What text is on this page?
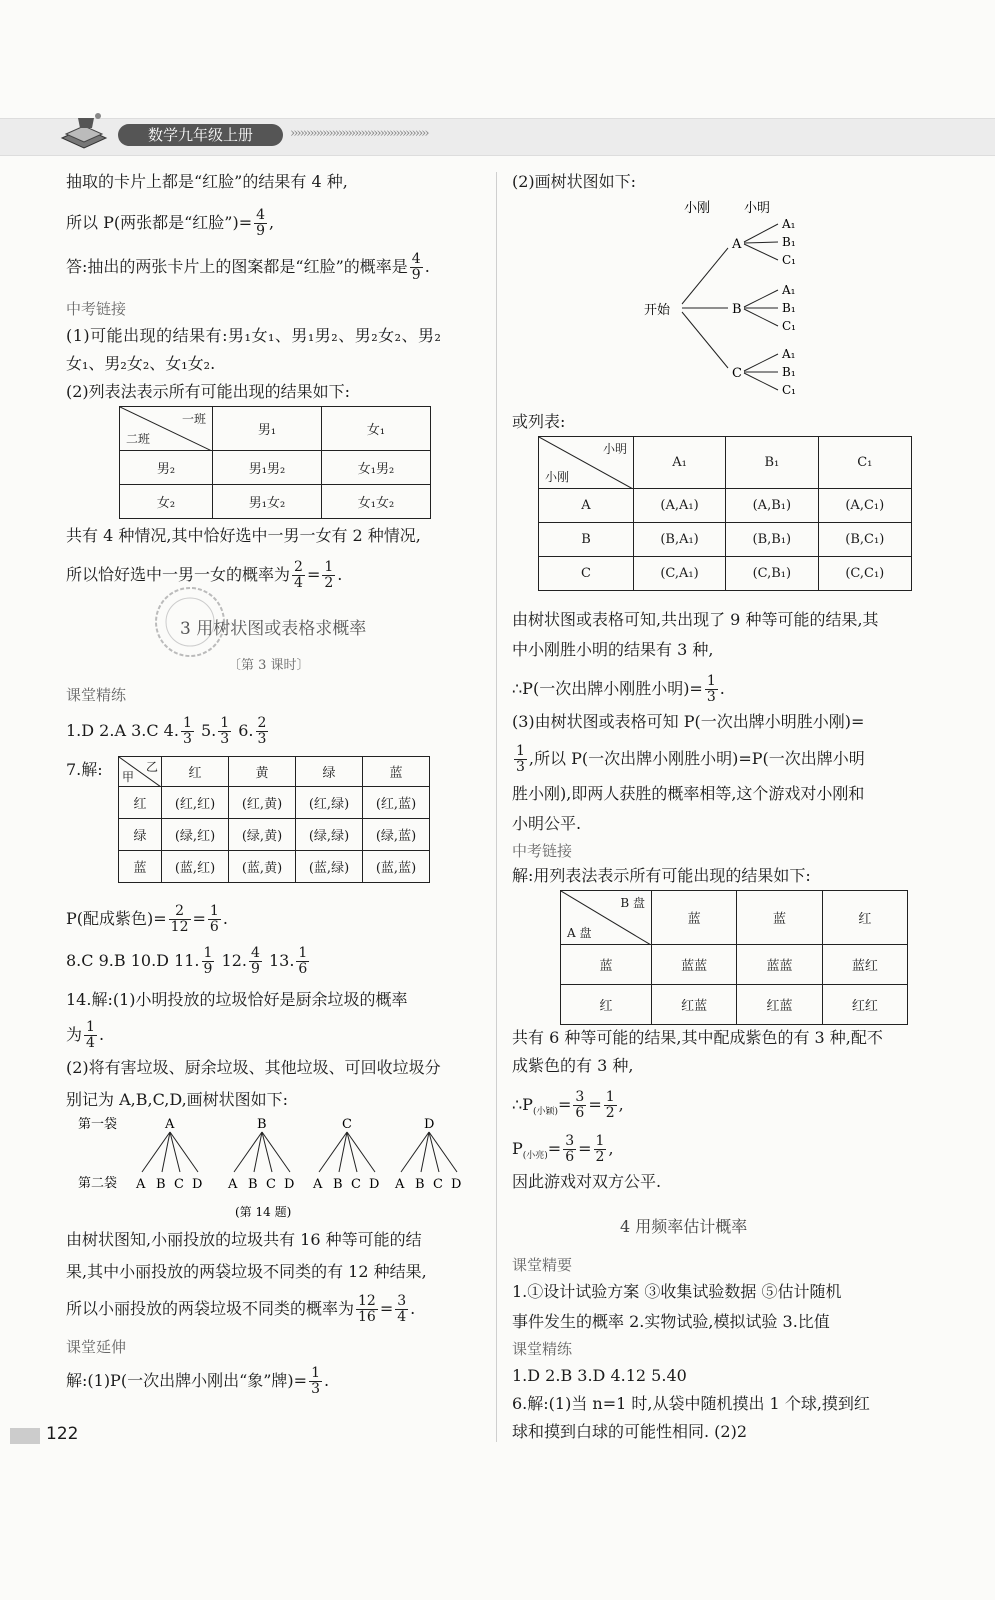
数学九年级上册	›››››››››››››››››››››››››››››››››››››››››››
抽取的卡片上都是“红脸”的结果有 4 种,
所以 P(两张都是“红脸”)= $\frac{4}{9}$ ,
答:抽出的两张卡片上的图案都是“红脸”的概率是 $\frac{4}{9}$ .
中考链接
(1)可能出现的结果有:男₁女₁、男₁男₂、男₂女₂、男₂
女₁、男₂女₂、女₁女₂.
(2)列表法表示所有可能出现的结果如下:
一班
二班	男₁	女₁
男₂	男₁男₂	女₁男₂
女₂	男₁女₂	女₁女₂
共有 4 种情况,其中恰好选中一男一女有 2 种情况,
所以恰好选中一男一女的概率为 $\frac{2}{4} = \frac{1}{2}$ .
3 用树状图或表格求概率
〔第 3 课时〕
课堂精练
1.D 2.A 3.C 4. $\frac{1}{3} 5$. $\frac{1}{3} 6$. $\frac{2}{3}$
7.解:	乙
甲	红	黄	绿	蓝
红	(红,红)	(红,黄)	(红,绿)	(红,蓝)
绿	(绿,红)	(绿,黄)	(绿,绿)	(绿,蓝)
蓝	(蓝,红)	(蓝,黄)	(蓝,绿)	(蓝,蓝)
P(配成紫色)= $\frac{2}{12} = \frac{1}{6}$ .
8.C 9.B 10.D 11. $\frac{1}{9} 12$. $\frac{4}{9} 13$. $\frac{1}{6}$
14.解:(1)小明投放的垃圾恰好是厨余垃圾的概率
为 $\frac{1}{4}$ .
(2)将有害垃圾、厨余垃圾、其他垃圾、可回收垃圾分
别记为 A,B,C,D,画树状图如下:
第一袋
第二袋
A
A B C D
B
A B C D
C
A B C D
D
A B C D
(第 14 题)
由树状图知,小丽投放的垃圾共有 16 种等可能的结
果,其中小丽投放的两袋垃圾不同类的有 12 种结果,
所以小丽投放的两袋垃圾不同类的概率为 $\frac{12}{16} = \frac{3}{4}$ .
课堂延伸
解:(1)P(一次出牌小刚出“象”牌)= $\frac{1}{3}$ .
122
(2)画树状图如下:
小刚	小明
开始
A
B
C
A₁
B₁
C₁
A₁
B₁
C₁
A₁
B₁
C₁
或列表:
小明
小刚	A₁	B₁	C₁
A	(A,A₁)	(A,B₁)	(A,C₁)
B	(B,A₁)	(B,B₁)	(B,C₁)
C	(C,A₁)	(C,B₁)	(C,C₁)
由树状图或表格可知,共出现了 9 种等可能的结果,其
中小刚胜小明的结果有 3 种,
∴P(一次出牌小刚胜小明)= $\frac{1}{3}$ .
(3)由树状图或表格可知 P(一次出牌小明胜小刚)=
$\frac{1}{3}$ ,所以 P(一次出牌小刚胜小明)=P(一次出牌小明
胜小刚),即两人获胜的概率相等,这个游戏对小刚和
小明公平.
中考链接
解:用列表法表示所有可能出现的结果如下:
B 盘
A 盘	蓝	蓝	红
蓝	蓝蓝	蓝蓝	蓝红
红	红蓝	红蓝	红红
共有 6 种等可能的结果,其中配成紫色的有 3 种,配不
成紫色的有 3 种,
$\therefore P_{(小颖)}= \frac{3}{6} = \frac{1}{2}$ ,
$P_{(小亮)}= \frac{3}{6} = \frac{1}{2}$ ,
因此游戏对双方公平.
4 用频率估计概率
课堂精要
1.①设计试验方案 ③收集试验数据 ⑤估计随机
事件发生的概率 2.实物试验,模拟试验 3.比值
课堂精练
1.D 2.B 3.D 4.12 5.40
6.解:(1)当 n=1 时,从袋中随机摸出 1 个球,摸到红
球和摸到白球的可能性相同. (2)2
